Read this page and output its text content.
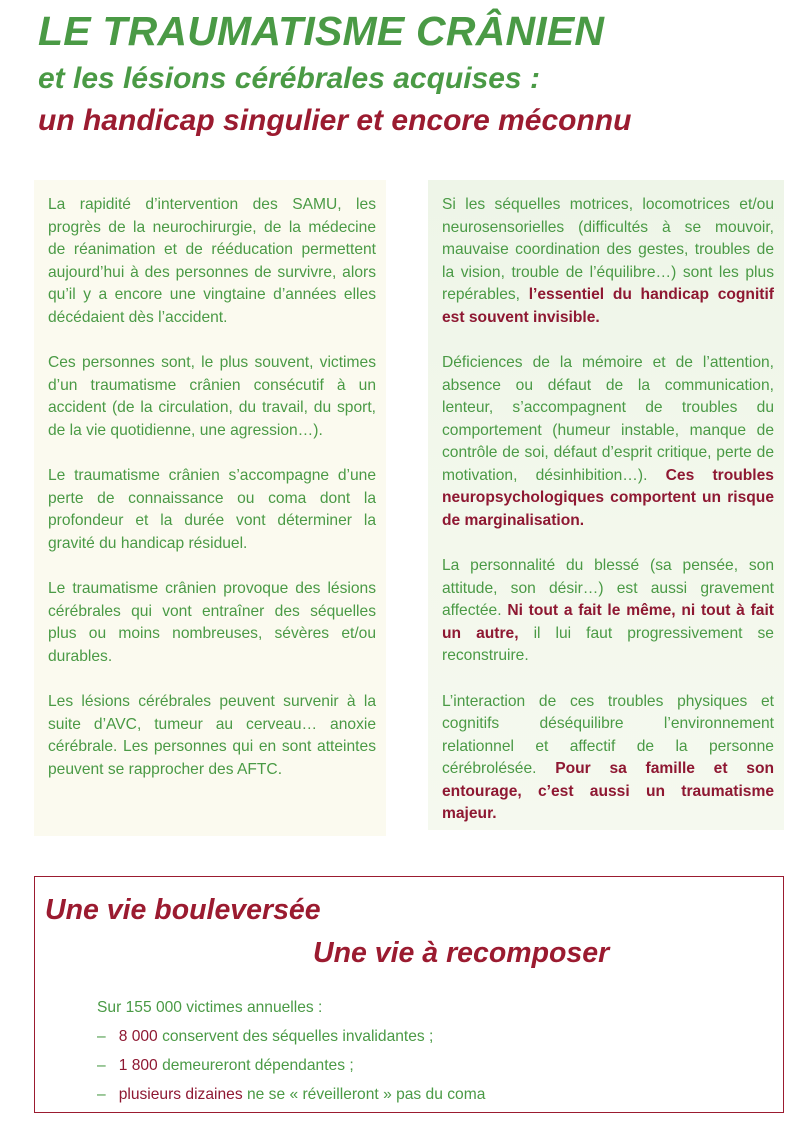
LE TRAUMATISME CRÂNIEN
et les lésions cérébrales acquises :
un handicap singulier et encore méconnu

La rapidité d’intervention des SAMU, les progrès de la neurochirurgie, de la médecine de réanimation et de rééducation permettent aujourd’hui à des personnes de survivre, alors qu’il y a encore une vingtaine d’années elles décédaient dès l’accident.

Ces personnes sont, le plus souvent, victimes d’un traumatisme crânien consécutif à un accident (de la circulation, du travail, du sport, de la vie quotidienne, une agression…).

Le traumatisme crânien s’accompagne d’une perte de connaissance ou coma dont la profondeur et la durée vont déterminer la gravité du handicap résiduel.

Le traumatisme crânien provoque des lésions cérébrales qui vont entraîner des séquelles plus ou moins nombreuses, sévères et/ou durables.

Les lésions cérébrales peuvent survenir à la suite d’AVC, tumeur au cerveau… anoxie cérébrale. Les personnes qui en sont atteintes peuvent se rapprocher des AFTC.

Si les séquelles motrices, locomotrices et/ou neurosensorielles (difficultés à se mouvoir, mauvaise coordination des gestes, troubles de la vision, trouble de l’équilibre…) sont les plus repérables, l’essentiel du handicap cognitif est souvent invisible.

Déficiences de la mémoire et de l’attention, absence ou défaut de la communication, lenteur, s’accompagnent de troubles du comportement (humeur instable, manque de contrôle de soi, défaut d’esprit critique, perte de motivation, désinhibition…). Ces troubles neuropsychologiques comportent un risque de marginalisation.

La personnalité du blessé (sa pensée, son attitude, son désir…) est aussi gravement affectée. Ni tout a fait le même, ni tout à fait un autre, il lui faut progressivement se reconstruire.

L’interaction de ces troubles physiques et cognitifs déséquilibre l’environnement relationnel et affectif de la personne cérébrolésée. Pour sa famille et son entourage, c’est aussi un traumatisme majeur.

Une vie bouleversée
Une vie à recomposer
Sur 155 000 victimes annuelles :
– 8 000 conservent des séquelles invalidantes ;
– 1 800 demeureront dépendantes ;
– plusieurs dizaines ne se « réveilleront » pas du coma
